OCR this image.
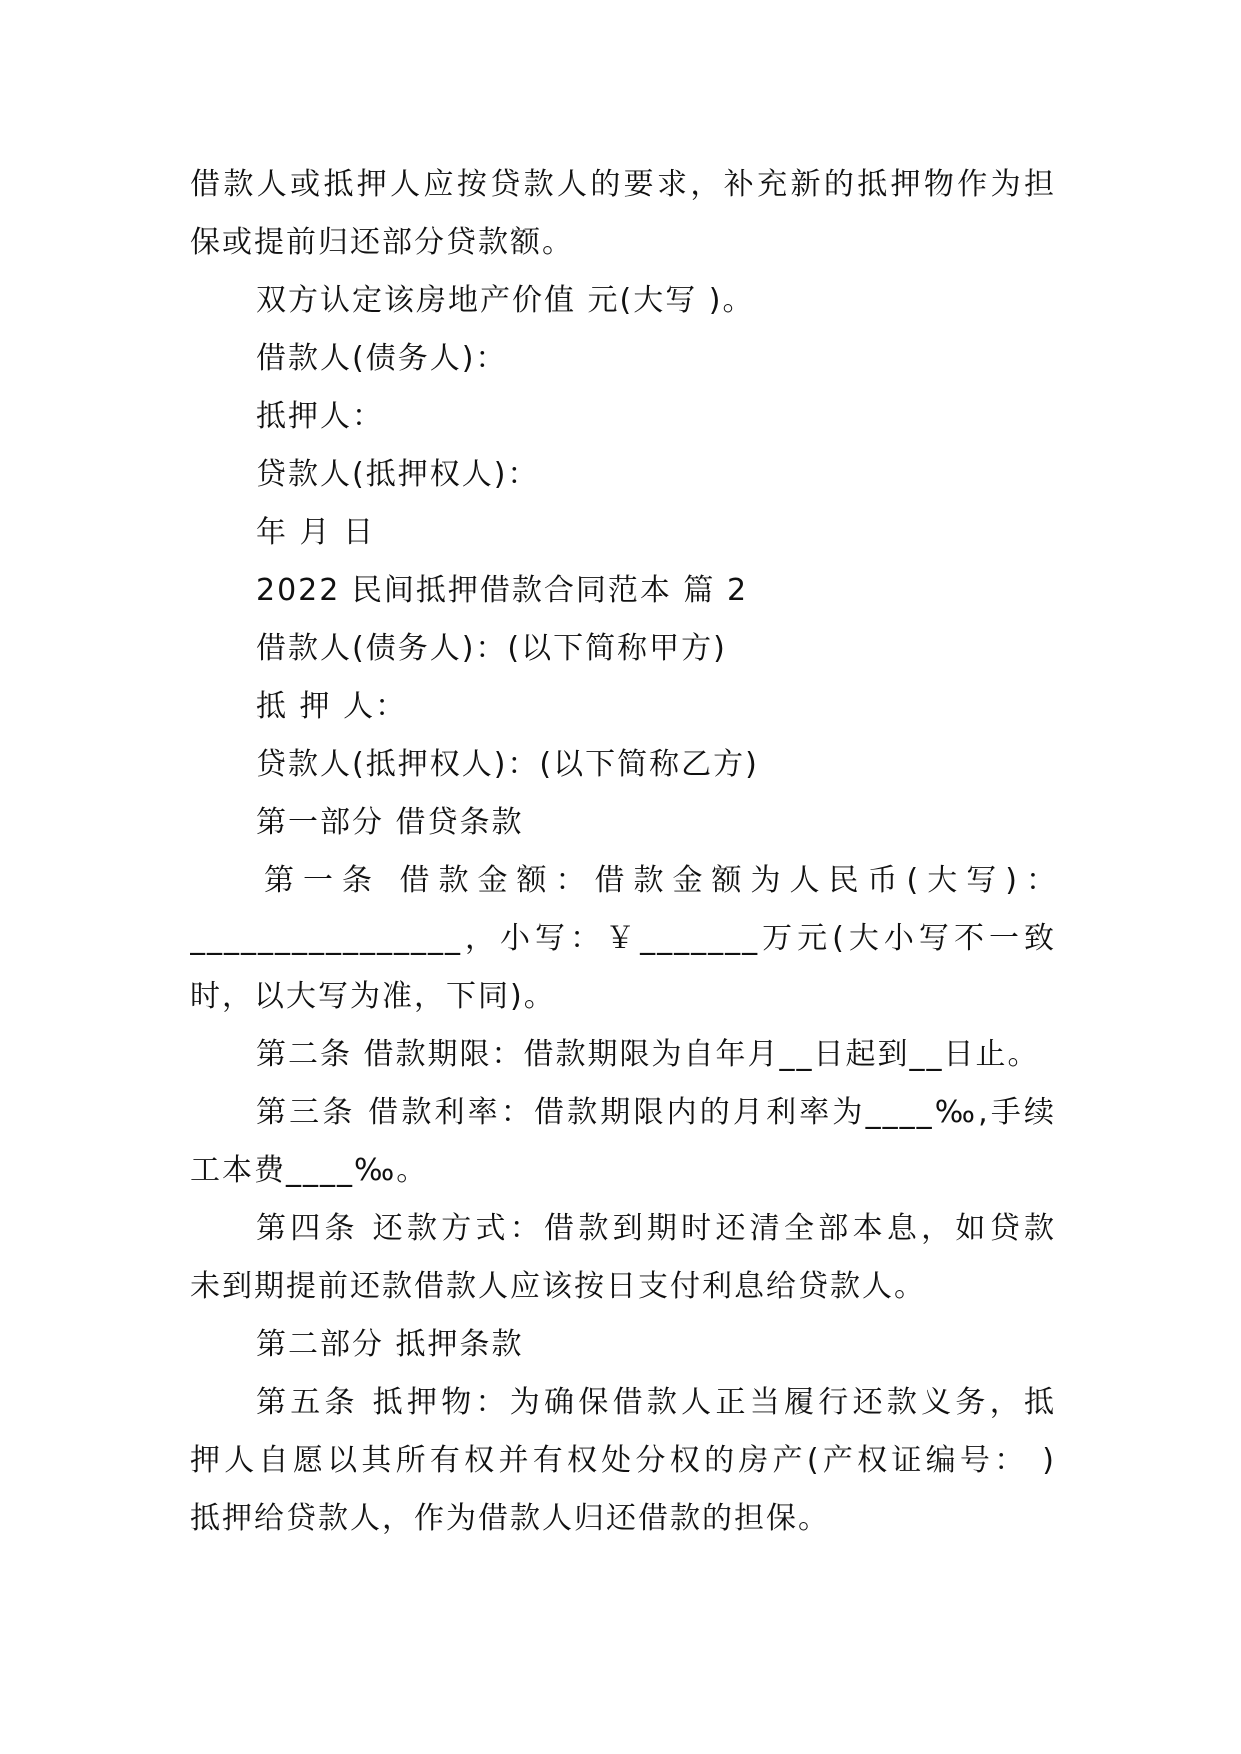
借款人或抵押人应按贷款人的要求，补充新的抵押物作为担
保或提前归还部分贷款额。
双方认定该房地产价值 元(大写 )。
借款人(债务人)：
抵押人：
贷款人(抵押权人)：
年 月 日
2022 民间抵押借款合同范本 篇 2
借款人(债务人)：(以下简称甲方)
抵 押 人：
贷款人(抵押权人)：(以下简称乙方)
第一部分 借贷条款
第一条 借款金额：借款金额为人民币(大写)：
________________，小写：￥_______万元(大小写不一致
时，以大写为准，下同)。
第二条 借款期限：借款期限为自年月__日起到__日止。
第三条 借款利率：借款期限内的月利率为____‰,手续
工本费____‰。
第四条 还款方式：借款到期时还清全部本息，如贷款
未到期提前还款借款人应该按日支付利息给贷款人。
第二部分 抵押条款
第五条 抵押物：为确保借款人正当履行还款义务，抵
押人自愿以其所有权并有权处分权的房产(产权证编号： )
抵押给贷款人，作为借款人归还借款的担保。
